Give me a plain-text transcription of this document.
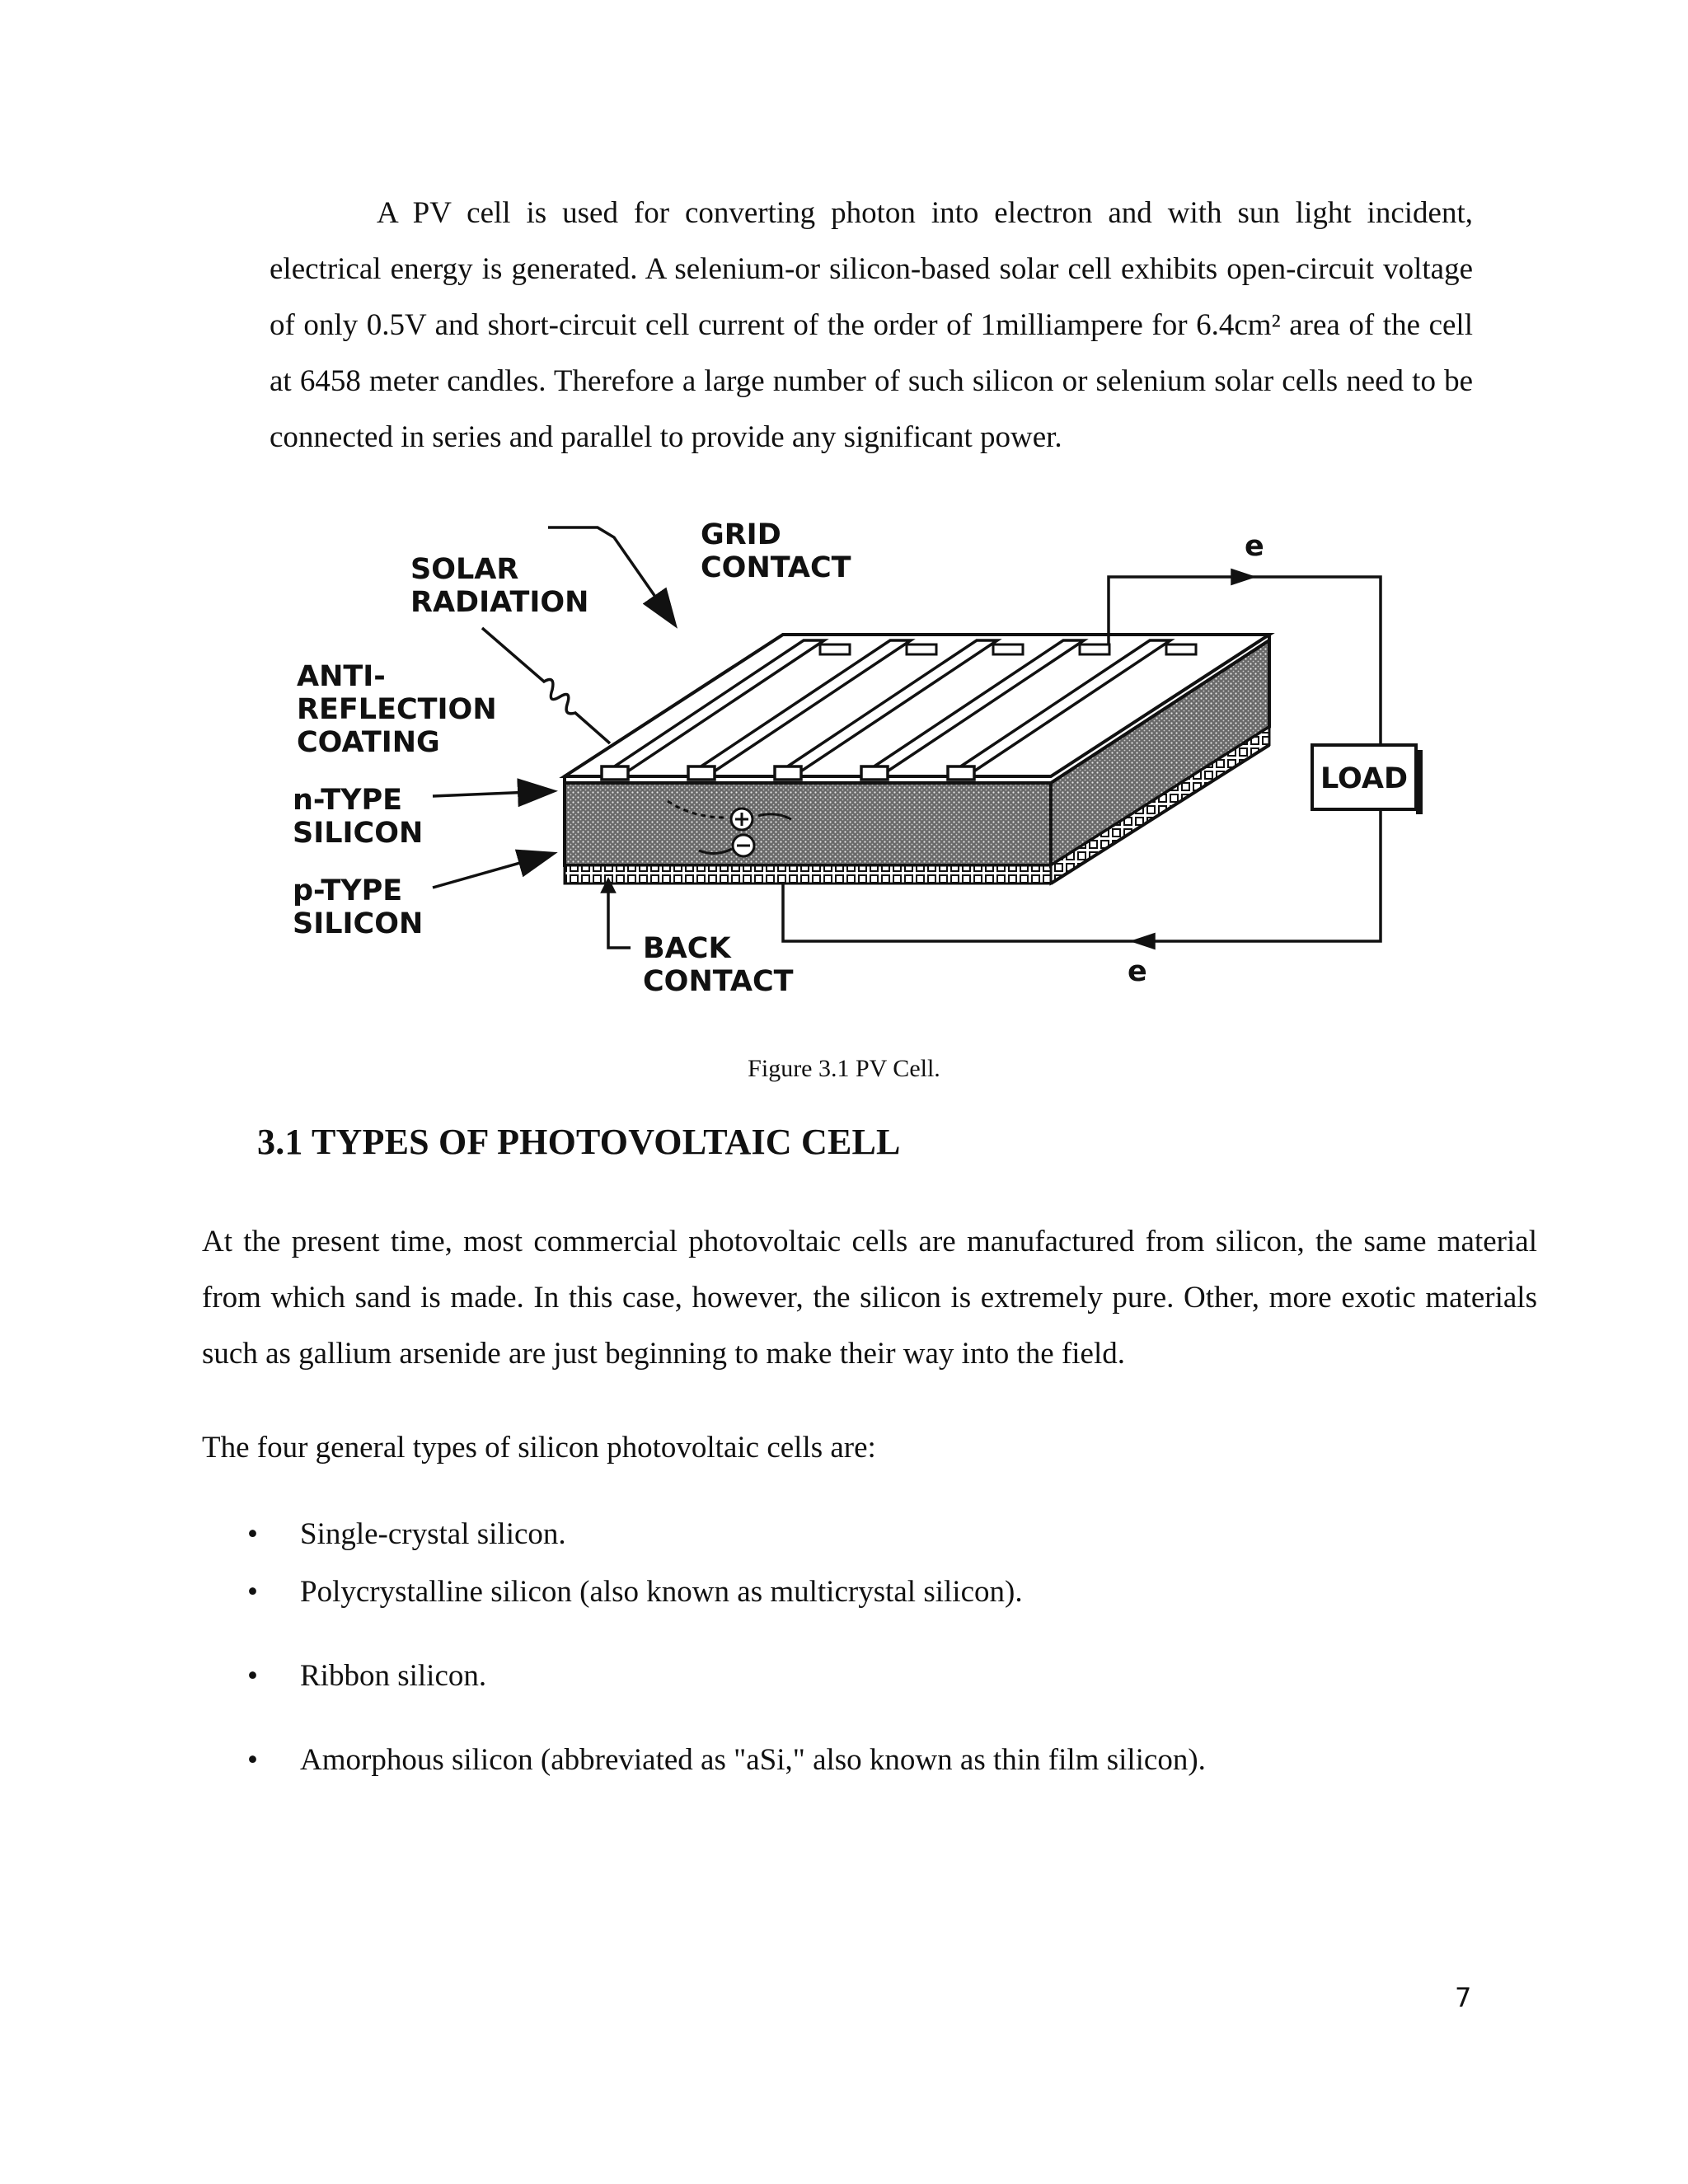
A PV cell is used for converting photon into electron and with sun light incident, electrical energy is generated. A selenium-or silicon-based solar cell exhibits open-circuit voltage of only 0.5V and short-circuit cell current of the order of 1milliampere for 6.4cm² area of the cell at 6458 meter candles. Therefore a large number of such silicon or selenium solar cells need to be connected in series and parallel to provide any significant power.

LOAD
GRID
CONTACT
SOLAR
RADIATION
ANTI-
REFLECTION
COATING
n-TYPE
SILICON
p-TYPE
SILICON
BACK
CONTACT
e
e

Figure 3.1 PV Cell.

3.1 TYPES OF PHOTOVOLTAIC CELL

At the present time, most commercial photovoltaic cells are manufactured from silicon, the same material from which sand is made. In this case, however, the silicon is extremely pure. Other, more exotic materials such as gallium arsenide are just beginning to make their way into the field.

The four general types of silicon photovoltaic cells are:

• Single-crystal silicon.
• Polycrystalline silicon (also known as multicrystal silicon).
• Ribbon silicon.
• Amorphous silicon (abbreviated as "aSi," also known as thin film silicon).

7
